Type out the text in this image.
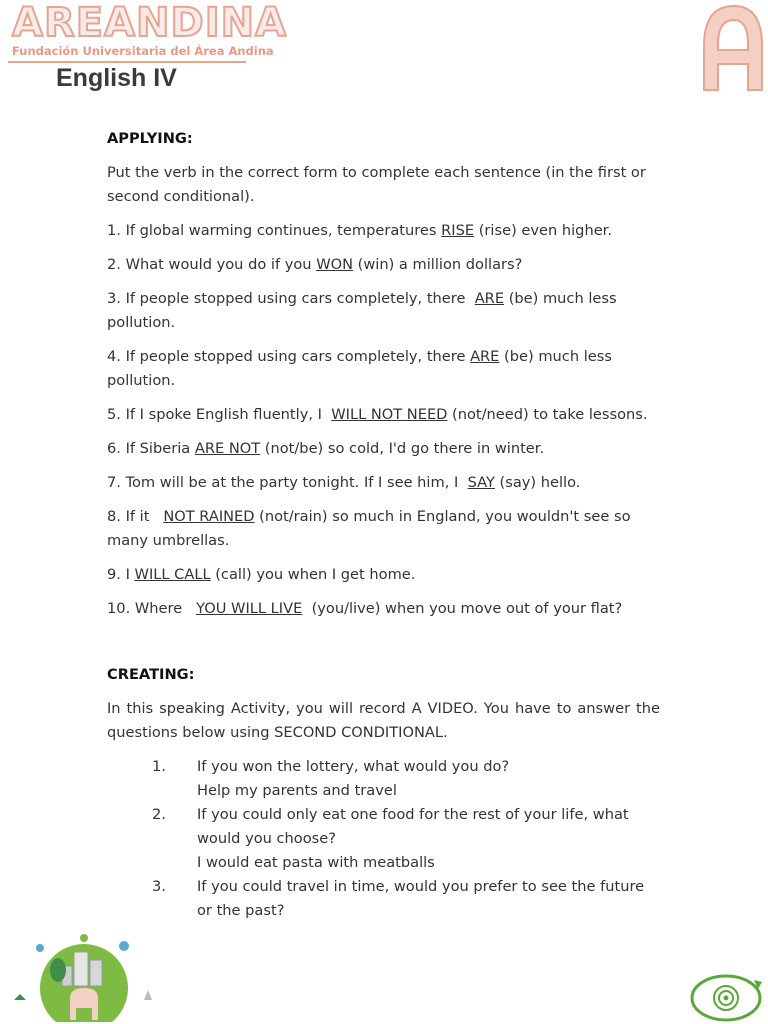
AREANDINA
Fundación Universitaria del Área Andina
English IV
APPLYING:
Put the verb in the correct form to complete each sentence (in the first or second conditional).
1. If global warming continues, temperatures RISE (rise) even higher.
2. What would you do if you WON (win) a million dollars?
3. If people stopped using cars completely, there  ARE (be) much less pollution.
4. If people stopped using cars completely, there ARE (be) much less pollution.
5. If I spoke English fluently, I  WILL NOT NEED (not/need) to take lessons.
6. If Siberia ARE NOT (not/be) so cold, I'd go there in winter.
7. Tom will be at the party tonight. If I see him, I  SAY (say) hello.
8. If it   NOT RAINED (not/rain) so much in England, you wouldn't see so many umbrellas.
9. I WILL CALL (call) you when I get home.
10. Where   YOU WILL LIVE  (you/live) when you move out of your flat?
CREATING:
In this speaking Activity, you will record A VIDEO. You have to answer the questions below using SECOND CONDITIONAL.
1. If you won the lottery, what would you do?
Help my parents and travel
2. If you could only eat one food for the rest of your life, what would you choose?
I would eat pasta with meatballs
3. If you could travel in time, would you prefer to see the future or the past?
